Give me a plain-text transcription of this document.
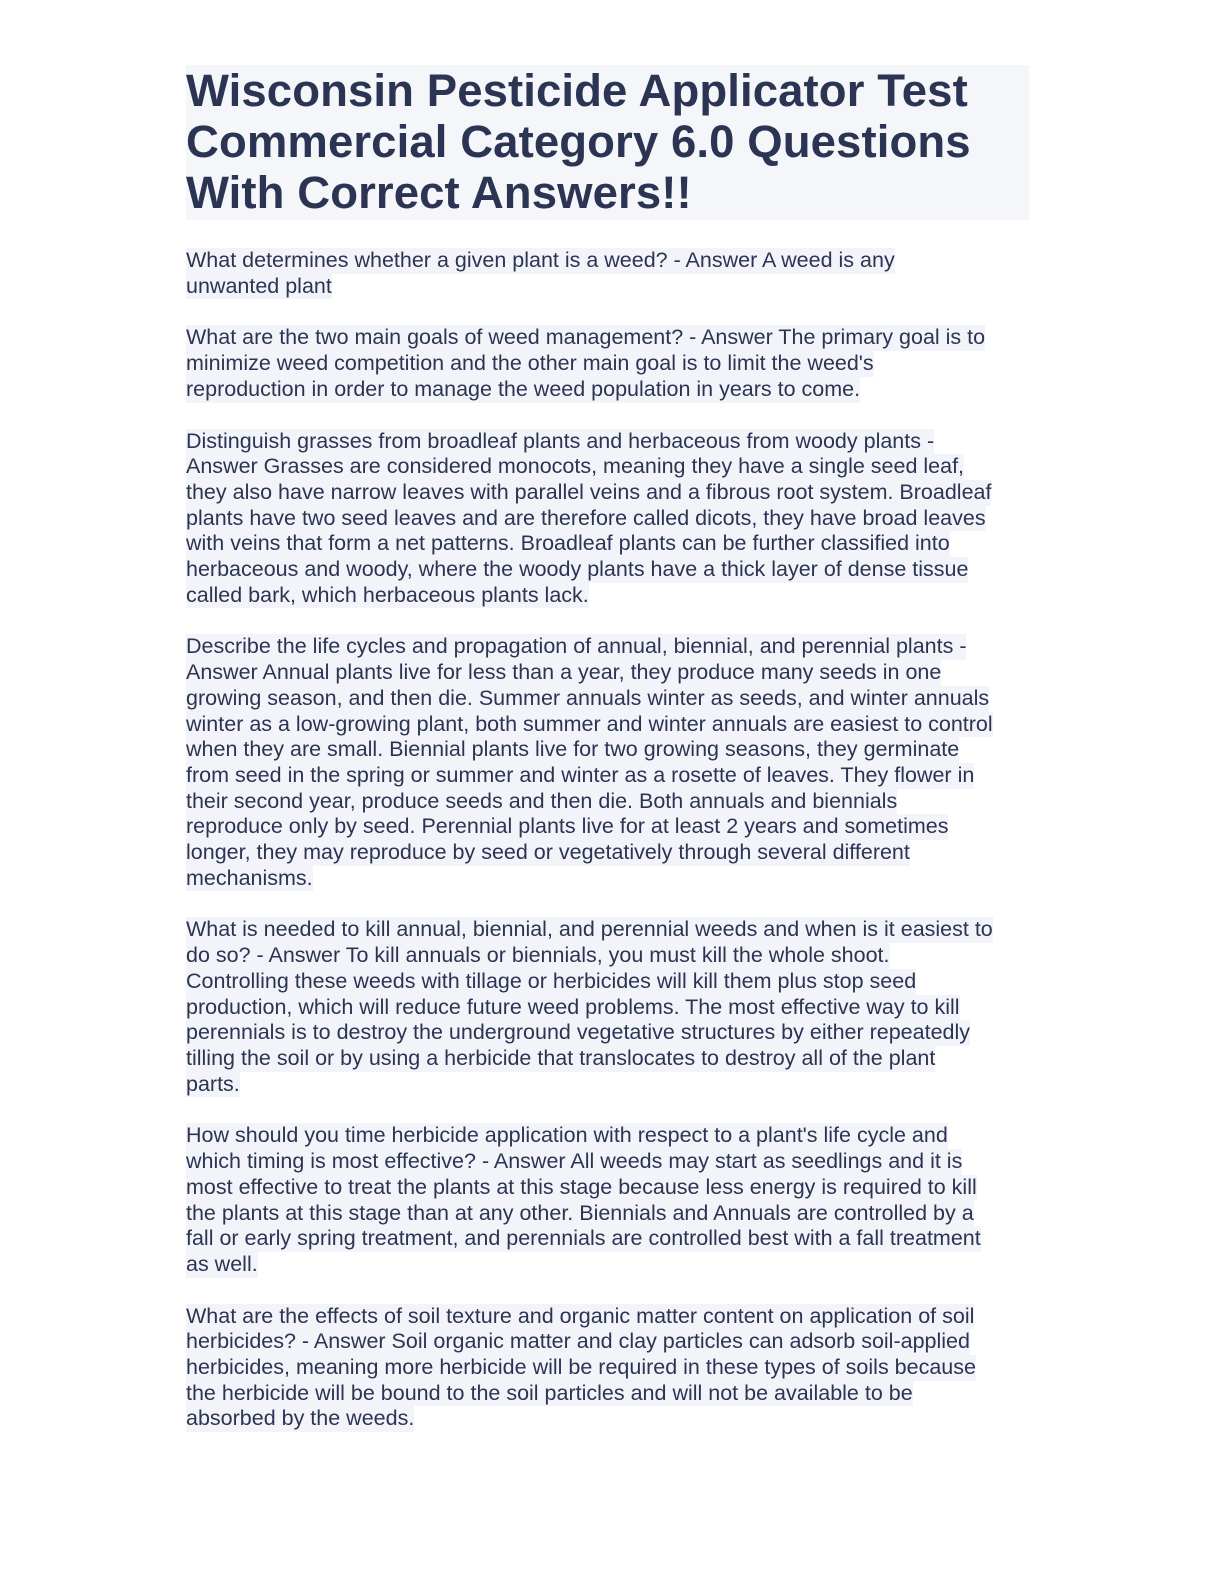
Wisconsin Pesticide Applicator Test
Commercial Category 6.0 Questions
With Correct Answers!!
What determines whether a given plant is a weed? - Answer A weed is any
unwanted plant
What are the two main goals of weed management? - Answer The primary goal is to
minimize weed competition and the other main goal is to limit the weed's
reproduction in order to manage the weed population in years to come.
Distinguish grasses from broadleaf plants and herbaceous from woody plants -
Answer Grasses are considered monocots, meaning they have a single seed leaf,
they also have narrow leaves with parallel veins and a fibrous root system. Broadleaf
plants have two seed leaves and are therefore called dicots, they have broad leaves
with veins that form a net patterns. Broadleaf plants can be further classified into
herbaceous and woody, where the woody plants have a thick layer of dense tissue
called bark, which herbaceous plants lack.
Describe the life cycles and propagation of annual, biennial, and perennial plants -
Answer Annual plants live for less than a year, they produce many seeds in one
growing season, and then die. Summer annuals winter as seeds, and winter annuals
winter as a low-growing plant, both summer and winter annuals are easiest to control
when they are small. Biennial plants live for two growing seasons, they germinate
from seed in the spring or summer and winter as a rosette of leaves. They flower in
their second year, produce seeds and then die. Both annuals and biennials
reproduce only by seed. Perennial plants live for at least 2 years and sometimes
longer, they may reproduce by seed or vegetatively through several different
mechanisms.
What is needed to kill annual, biennial, and perennial weeds and when is it easiest to
do so? - Answer To kill annuals or biennials, you must kill the whole shoot.
Controlling these weeds with tillage or herbicides will kill them plus stop seed
production, which will reduce future weed problems. The most effective way to kill
perennials is to destroy the underground vegetative structures by either repeatedly
tilling the soil or by using a herbicide that translocates to destroy all of the plant
parts.
How should you time herbicide application with respect to a plant's life cycle and
which timing is most effective? - Answer All weeds may start as seedlings and it is
most effective to treat the plants at this stage because less energy is required to kill
the plants at this stage than at any other. Biennials and Annuals are controlled by a
fall or early spring treatment, and perennials are controlled best with a fall treatment
as well.
What are the effects of soil texture and organic matter content on application of soil
herbicides? - Answer Soil organic matter and clay particles can adsorb soil-applied
herbicides, meaning more herbicide will be required in these types of soils because
the herbicide will be bound to the soil particles and will not be available to be
absorbed by the weeds.
